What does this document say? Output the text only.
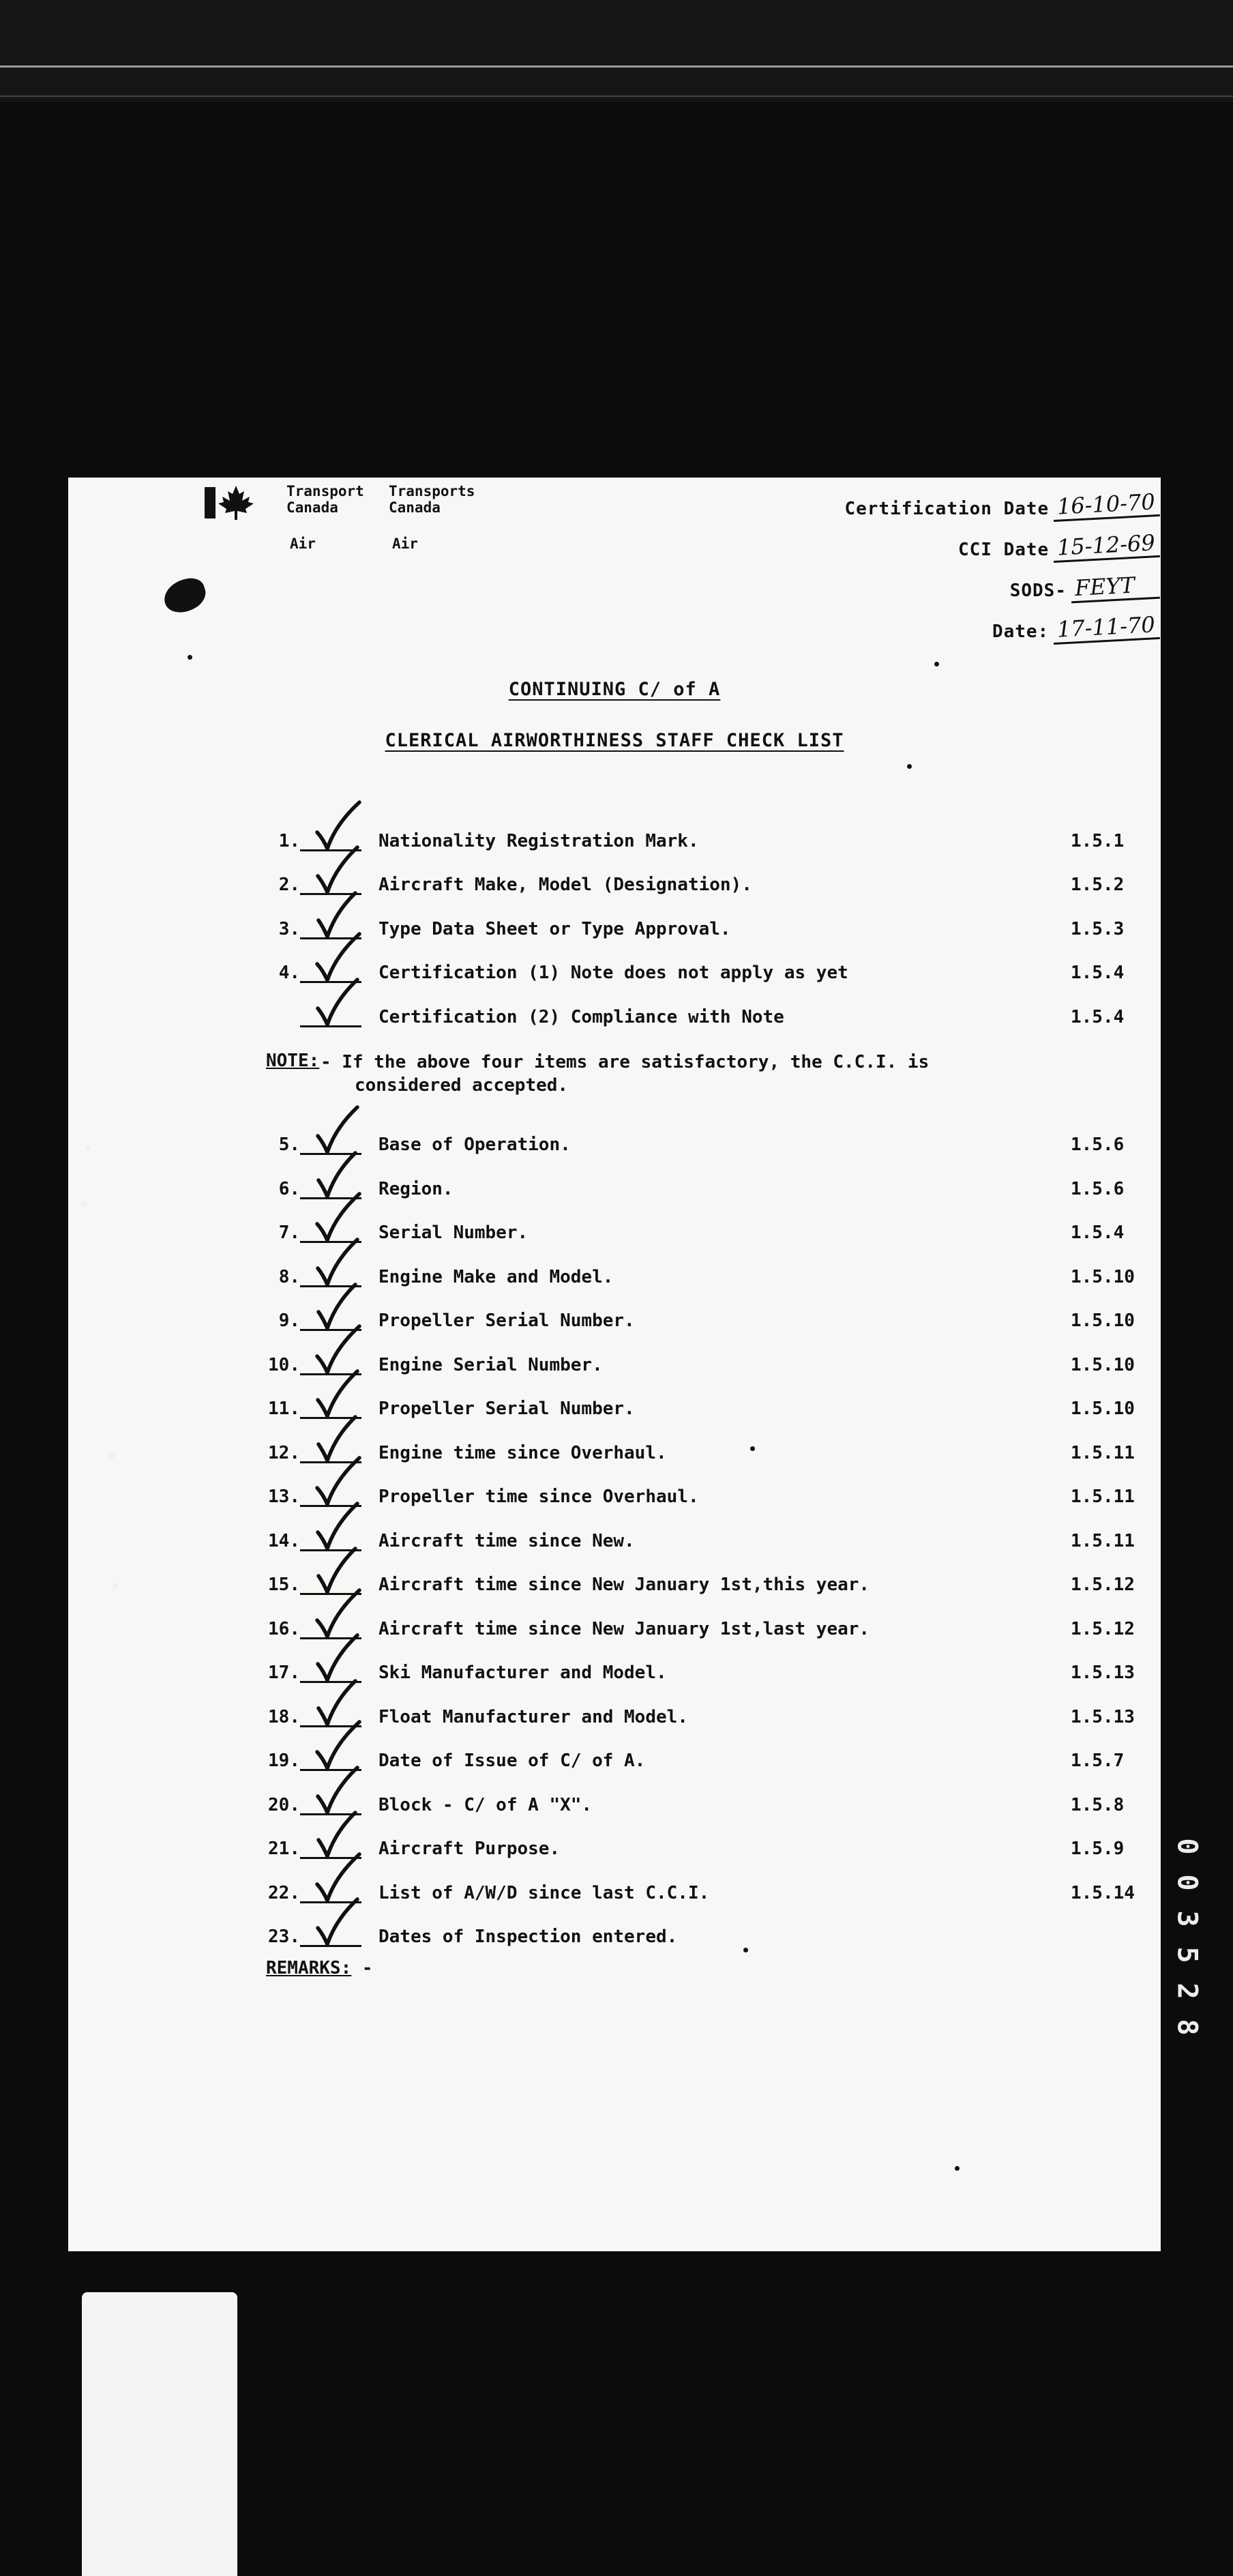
Transport
Canada
Transports
Canada
Air	Air
Certification Date 16-10-70
CCI Date 15-12-69
SODS- FEYT
Date: 17-11-70
CONTINUING C/ of A
CLERICAL AIRWORTHINESS STAFF CHECK LIST
1.	Nationality Registration Mark.	1.5.1
2.	Aircraft Make, Model (Designation).	1.5.2
3.	Type Data Sheet or Type Approval.	1.5.3
4.	Certification (1) Note does not apply as yet	1.5.4
Certification (2) Compliance with Note	1.5.4
NOTE: - If the above four items are satisfactory, the C.C.I. is
considered accepted.
5.	Base of Operation.	1.5.6
6.	Region.	1.5.6
7.	Serial Number.	1.5.4
8.	Engine Make and Model.	1.5.10
9.	Propeller Serial Number.	1.5.10
10.	Engine Serial Number.	1.5.10
11.	Propeller Serial Number.	1.5.10
12.	Engine time since Overhaul.	1.5.11
13.	Propeller time since Overhaul.	1.5.11
14.	Aircraft time since New.	1.5.11
15.	Aircraft time since New January 1st,this year.	1.5.12
16.	Aircraft time since New January 1st,last year.	1.5.12
17.	Ski Manufacturer and Model.	1.5.13
18.	Float Manufacturer and Model.	1.5.13
19.	Date of Issue of C/ of A.	1.5.7
20.	Block - C/ of A "X".	1.5.8
21.	Aircraft Purpose.	1.5.9
22.	List of A/W/D since last C.C.I.	1.5.14
23.	Dates of Inspection entered.
REMARKS: -
0
0
3
5
2
8
